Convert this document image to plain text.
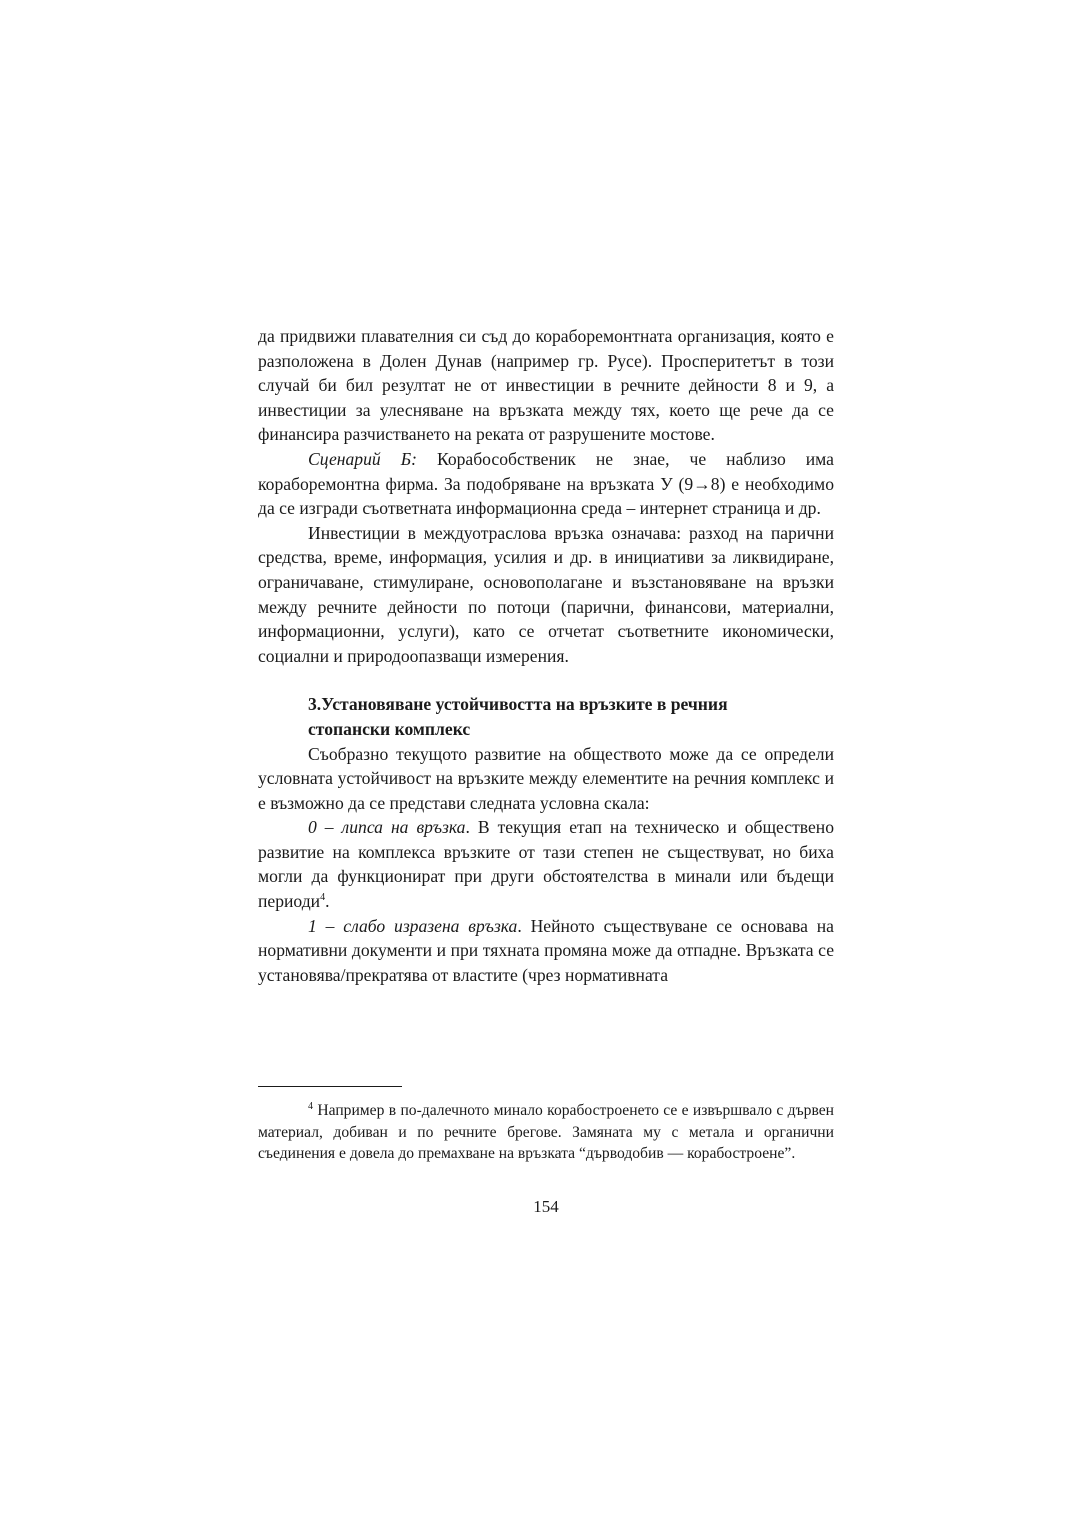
да придвижи плавателния си съд до кораборемонтната организация, която е разположена в Долен Дунав (например гр. Русе). Просперитетът в този случай би бил резултат не от инвестиции в речните дейности 8 и 9, а инвестиции за улесняване на връзката между тях, което ще рече да се финансира разчистването на реката от разрушените мостове.

Сценарий Б: Корабособственик не знае, че наблизо има кораборемонтна фирма. За подобряване на връзката У (9→8) е необходимо да се изгради съответната информационна среда – интернет страница и др.

Инвестиции в междуотраслова връзка означава: разход на парични средства, време, информация, усилия и др. в инициативи за ликвидиране, ограничаване, стимулиране, основополагане и възстановяване на връзки между речните дейности по потоци (парични, финансови, материални, информационни, услуги), като се отчетат съответните икономически, социални и природоопазващи измерения.

3.Установяване устойчивостта на връзките в речния
стопански комплекс

Съобразно текущото развитие на обществото може да се определи условната устойчивост на връзките между елементите на речния комплекс и е възможно да се представи следната условна скала:

0 – липса на връзка. В текущия етап на техническо и обществено развитие на комплекса връзките от тази степен не съществуват, но биха могли да функционират при други обстоятелства в минали или бъдещи периоди$^4$.

1 – слабо изразена връзка. Нейното съществуване се основава на нормативни документи и при тяхната промяна може да отпадне. Връзката се установява/прекратява от властите (чрез нормативната

$^4$ Например в по-далечното минало корабостроенето се е извършвало с дървен материал, добиван и по речните брегове. Замяната му с метала и органични съединения е довела до премахване на връзката “дърводобив — корабостроене”.

154
